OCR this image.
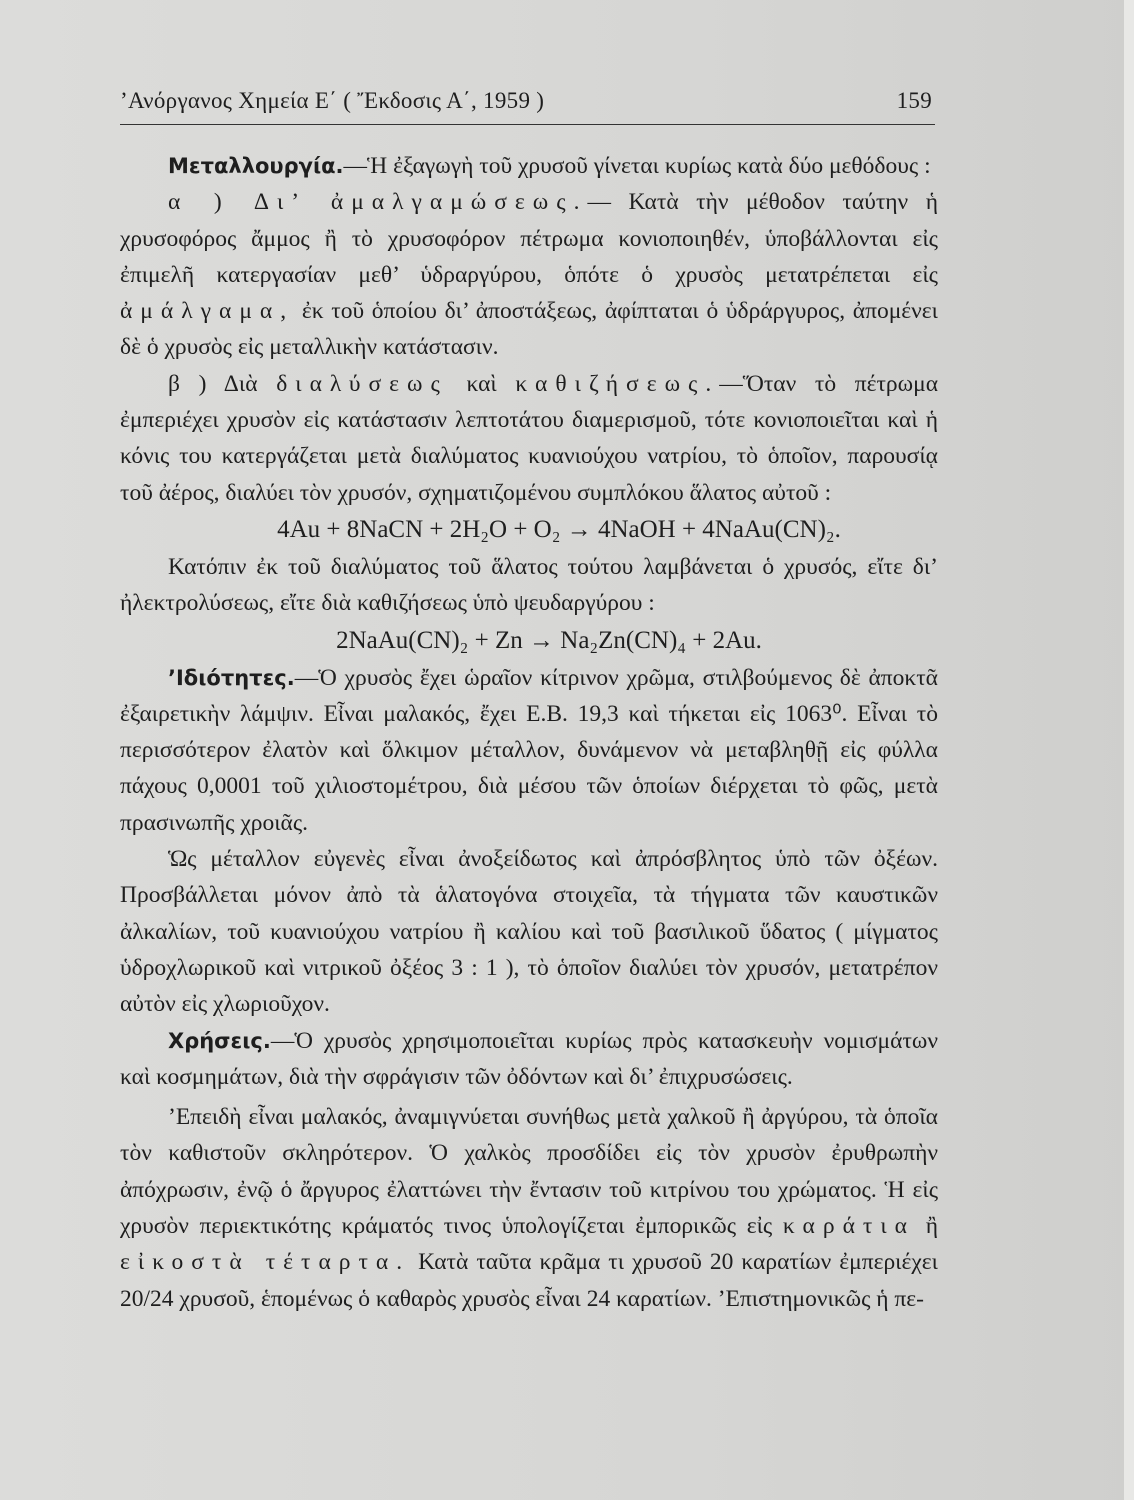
’Ανόργανος Χημεία Ε΄ ( Ἔκδοσις Α΄, 1959 )	159

Μεταλλουργία.—Ἡ ἐξαγωγὴ τοῦ χρυσοῦ γίνεται κυρίως κατὰ δύο μεθόδους :

α ) Δι’ ἀμαλγαμώσεως.— Κατὰ τὴν μέθοδον ταύτην ἡ χρυσοφόρος ἄμμος ἢ τὸ χρυσοφόρον πέτρωμα κονιοποιηθέν, ὑποβάλλονται εἰς ἐπιμελῆ κατεργασίαν μεθ’ ὑδραργύρου, ὁπότε ὁ χρυσὸς μετατρέπεται εἰς ἀμάλγαμα, ἐκ τοῦ ὁποίου δι’ ἀποστάξεως, ἀφίπταται ὁ ὑδράργυρος, ἀπομένει δὲ ὁ χρυσὸς εἰς μεταλλικὴν κατάστασιν.

β ) Διὰ διαλύσεως καὶ καθιζήσεως.—Ὅταν τὸ πέτρωμα ἐμπεριέχει χρυσὸν εἰς κατάστασιν λεπτοτάτου διαμερισμοῦ, τότε κονιοποιεῖται καὶ ἡ κόνις του κατεργάζεται μετὰ διαλύματος κυανιούχου νατρίου, τὸ ὁποῖον, παρουσίᾳ τοῦ ἀέρος, διαλύει τὸν χρυσόν, σχηματιζομένου συμπλόκου ἅλατος αὐτοῦ :

4Au + 8NaCN + 2H₂O + O₂ → 4NaOH + 4NaAu(CN)₂.

Κατόπιν ἐκ τοῦ διαλύματος τοῦ ἅλατος τούτου λαμβάνεται ὁ χρυσός, εἴτε δι’ ἠλεκτρολύσεως, εἴτε διὰ καθιζήσεως ὑπὸ ψευδαργύρου :

2NaAu(CN)₂ + Zn → Na₂Zn(CN)₄ + 2Au.

’Ιδιότητες.—Ὁ χρυσὸς ἔχει ὡραῖον κίτρινον χρῶμα, στιλβούμενος δὲ ἀποκτᾶ ἐξαιρετικὴν λάμψιν. Εἶναι μαλακός, ἔχει Ε.Β. 19,3 καὶ τήκεται εἰς 1063⁰. Εἶναι τὸ περισσότερον ἐλατὸν καὶ ὅλκιμον μέταλλον, δυνάμενον νὰ μεταβληθῇ εἰς φύλλα πάχους 0,0001 τοῦ χιλιοστομέτρου, διὰ μέσου τῶν ὁποίων διέρχεται τὸ φῶς, μετὰ πρασινωπῆς χροιᾶς.

Ὡς μέταλλον εὐγενὲς εἶναι ἀνοξείδωτος καὶ ἀπρόσβλητος ὑπὸ τῶν ὀξέων. Προσβάλλεται μόνον ἀπὸ τὰ ἁλατογόνα στοιχεῖα, τὰ τήγματα τῶν καυστικῶν ἀλκαλίων, τοῦ κυανιούχου νατρίου ἢ καλίου καὶ τοῦ βασιλικοῦ ὕδατος ( μίγματος ὑδροχλωρικοῦ καὶ νιτρικοῦ ὀξέος 3 : 1 ), τὸ ὁποῖον διαλύει τὸν χρυσόν, μετατρέπον αὐτὸν εἰς χλωριοῦχον.

Χρήσεις.—Ὁ χρυσὸς χρησιμοποιεῖται κυρίως πρὸς κατασκευὴν νομισμάτων καὶ κοσμημάτων, διὰ τὴν σφράγισιν τῶν ὀδόντων καὶ δι’ ἐπιχρυσώσεις.

’Επειδὴ εἶναι μαλακός, ἀναμιγνύεται συνήθως μετὰ χαλκοῦ ἢ ἀργύρου, τὰ ὁποῖα τὸν καθιστοῦν σκληρότερον. Ὁ χαλκὸς προσδίδει εἰς τὸν χρυσὸν ἐρυθρωπὴν ἀπόχρωσιν, ἐνῷ ὁ ἄργυρος ἐλαττώνει τὴν ἔντασιν τοῦ κιτρίνου του χρώματος. Ἡ εἰς χρυσὸν περιεκτικότης κράματός τινος ὑπολογίζεται ἐμπορικῶς εἰς καράτια ἢ εἰκοστὰ τέταρτα. Κατὰ ταῦτα κρᾶμα τι χρυσοῦ 20 καρατίων ἐμπεριέχει 20/24 χρυσοῦ, ἑπομένως ὁ καθαρὸς χρυσὸς εἶναι 24 καρατίων. ’Επιστημονικῶς ἡ πε-
